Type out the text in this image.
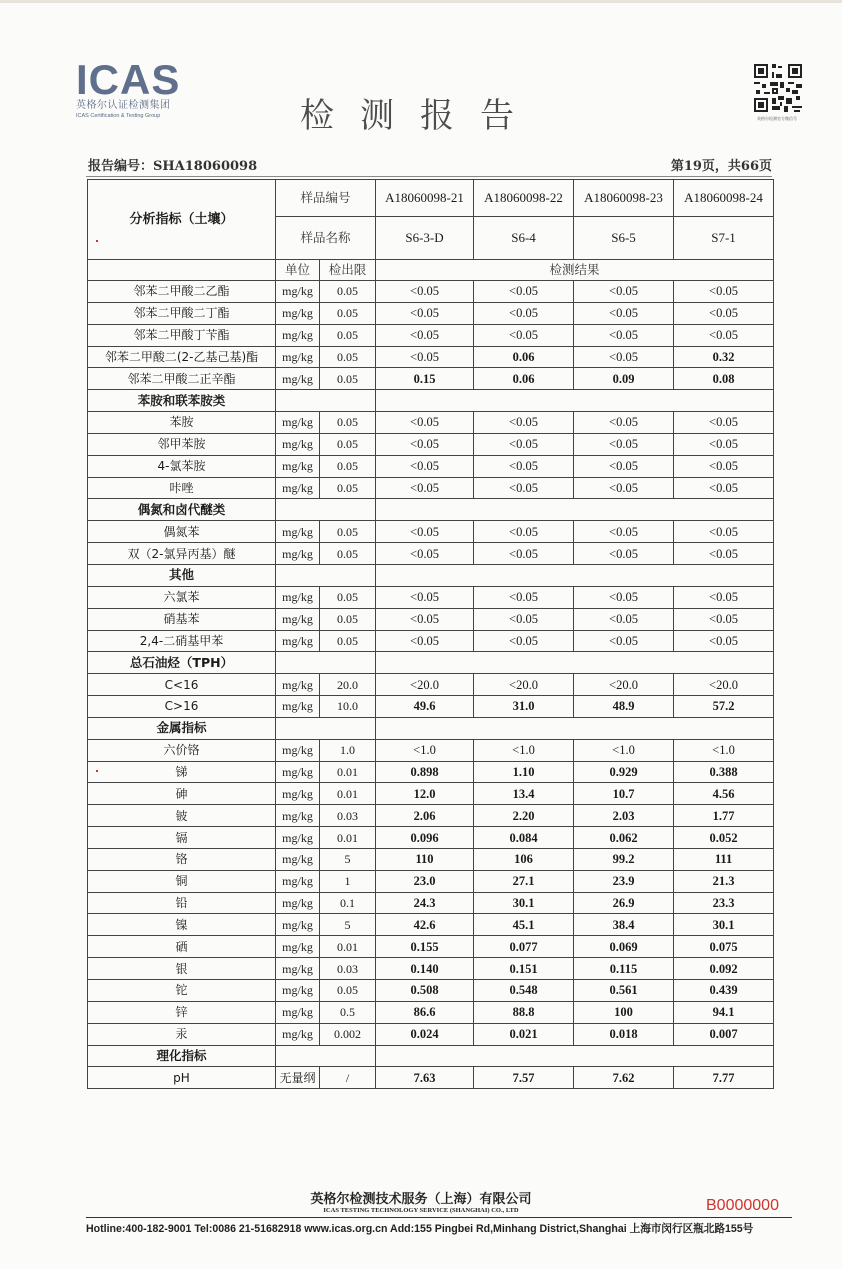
ICAS
英格尔认证检测集团
ICAS Certification & Testing Group	检测报告	英格尔检测官方微信号
报告编号：SHA18060098	第19页，共66页
分析指标（土壤）	样品编号		A18060098-21	A18060098-22	A18060098-23	A18060098-24
	样品名称		S6-3-D	S6-4	S6-5	S7-1
	单位	检出限	检测结果			
邻苯二甲酸二乙酯	mg/kg	0.05	<0.05	<0.05	<0.05	<0.05
邻苯二甲酸二丁酯	mg/kg	0.05	<0.05	<0.05	<0.05	<0.05
邻苯二甲酸丁苄酯	mg/kg	0.05	<0.05	<0.05	<0.05	<0.05
邻苯二甲酸二(2-乙基己基)酯	mg/kg	0.05	<0.05	0.06	<0.05	0.32
邻苯二甲酸二正辛酯	mg/kg	0.05	0.15	0.06	0.09	0.08
苯胺和联苯胺类						
苯胺	mg/kg	0.05	<0.05	<0.05	<0.05	<0.05
邻甲苯胺	mg/kg	0.05	<0.05	<0.05	<0.05	<0.05
4-氯苯胺	mg/kg	0.05	<0.05	<0.05	<0.05	<0.05
咔唑	mg/kg	0.05	<0.05	<0.05	<0.05	<0.05
偶氮和卤代醚类						
偶氮苯	mg/kg	0.05	<0.05	<0.05	<0.05	<0.05
双（2-氯异丙基）醚	mg/kg	0.05	<0.05	<0.05	<0.05	<0.05
其他						
六氯苯	mg/kg	0.05	<0.05	<0.05	<0.05	<0.05
硝基苯	mg/kg	0.05	<0.05	<0.05	<0.05	<0.05
2,4-二硝基甲苯	mg/kg	0.05	<0.05	<0.05	<0.05	<0.05
总石油烃（TPH）						
C<16	mg/kg	20.0	<20.0	<20.0	<20.0	<20.0
C>16	mg/kg	10.0	49.6	31.0	48.9	57.2
金属指标						
六价铬	mg/kg	1.0	<1.0	<1.0	<1.0	<1.0
锑	mg/kg	0.01	0.898	1.10	0.929	0.388
砷	mg/kg	0.01	12.0	13.4	10.7	4.56
铍	mg/kg	0.03	2.06	2.20	2.03	1.77
镉	mg/kg	0.01	0.096	0.084	0.062	0.052
铬	mg/kg	5	110	106	99.2	111
铜	mg/kg	1	23.0	27.1	23.9	21.3
铅	mg/kg	0.1	24.3	30.1	26.9	23.3
镍	mg/kg	5	42.6	45.1	38.4	30.1
硒	mg/kg	0.01	0.155	0.077	0.069	0.075
银	mg/kg	0.03	0.140	0.151	0.115	0.092
铊	mg/kg	0.05	0.508	0.548	0.561	0.439
锌	mg/kg	0.5	86.6	88.8	100	94.1
汞	mg/kg	0.002	0.024	0.021	0.018	0.007
理化指标						
pH	无量纲	/	7.63	7.57	7.62	7.77
英格尔检测技术服务（上海）有限公司
ICAS TESTING TECHNOLOGY SERVICE (SHANGHAI) CO., LTD	B0000000
Hotline:400-182-9001 Tel:0086 21-51682918 www.icas.org.cn Add:155 Pingbei Rd,Minhang District,Shanghai 上海市闵行区瓶北路155号
